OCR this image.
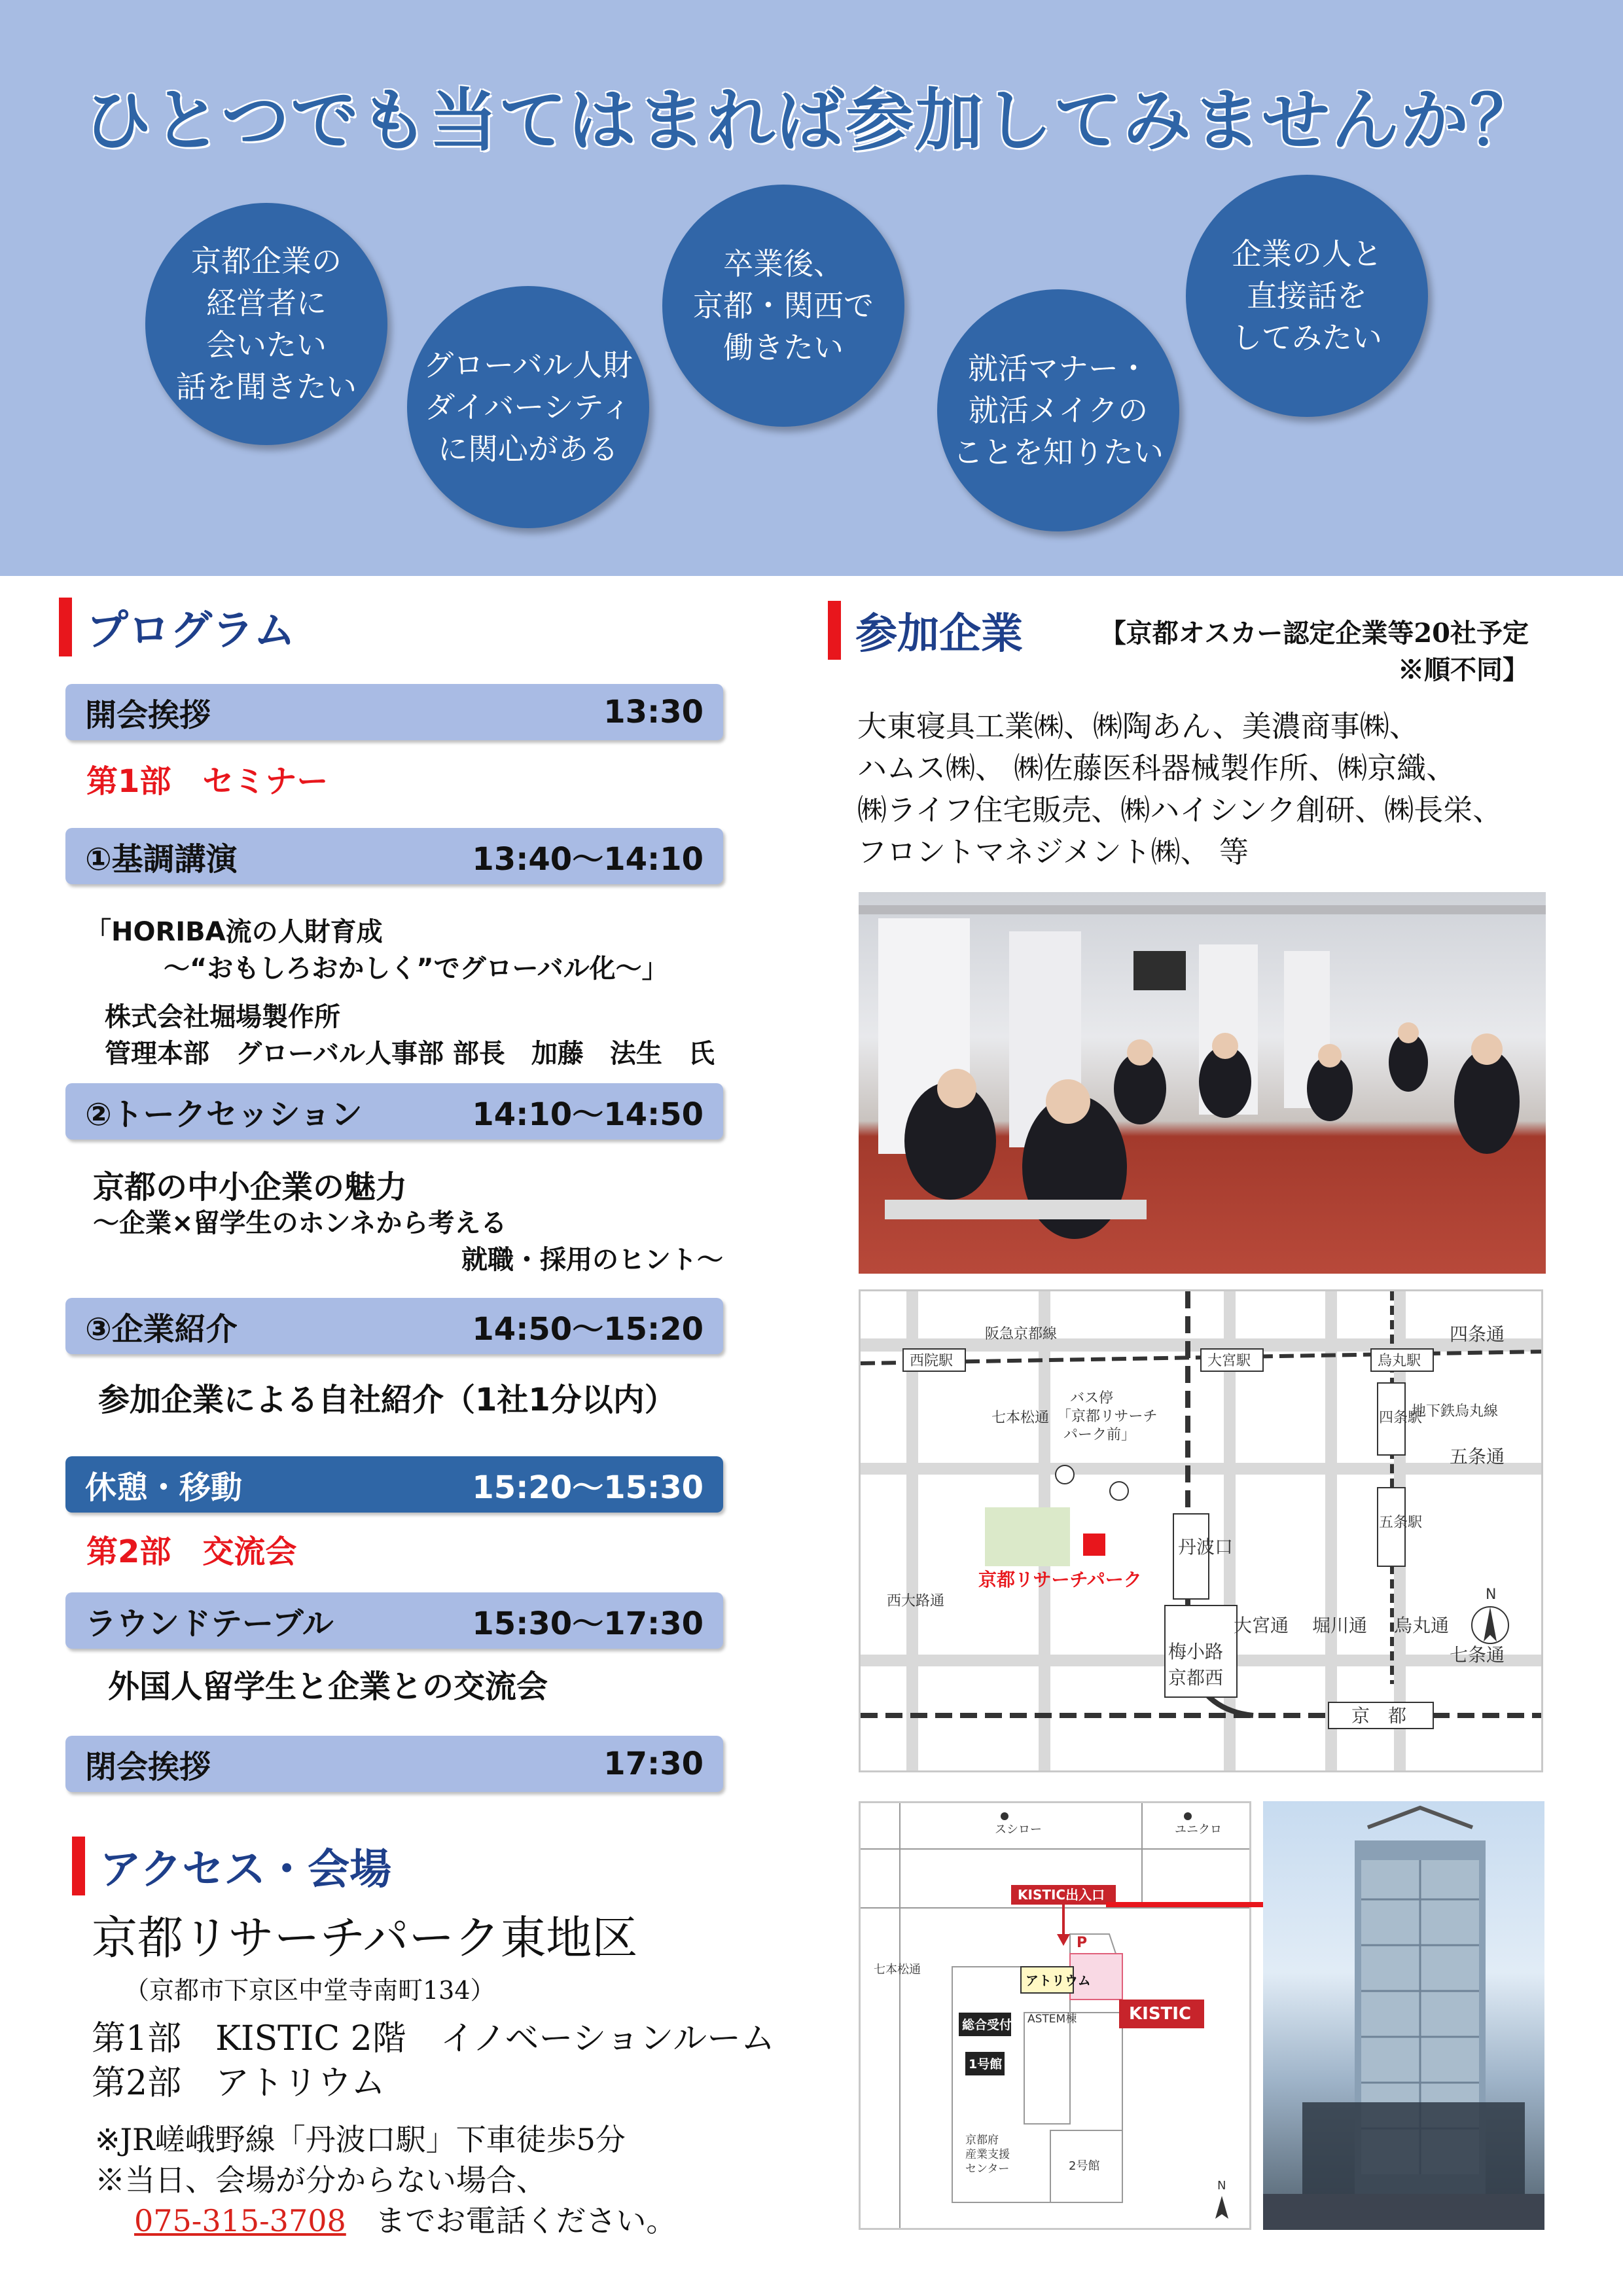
ひとつでも当てはまれば参加してみませんか？
京都企業の
経営者に
会いたい
話を聞きたい
グローバル人財
ダイバーシティ
に関心がある
卒業後、
京都・関西で
働きたい
就活マナー・
就活メイクの
ことを知りたい
企業の人と
直接話を
してみたい
プログラム
開会挨拶	13:30
第1部　セミナー
①基調講演	13:40〜14:10
「HORIBA流の人財育成
〜“おもしろおかしく”でグローバル化〜」
株式会社堀場製作所
管理本部　グローバル人事部 部長　加藤　法生　氏
②トークセッション	14:10〜14:50
京都の中小企業の魅力
〜企業×留学生のホンネから考える
就職・採用のヒント〜
③企業紹介	14:50〜15:20
参加企業による自社紹介（1社1分以内）
休憩・移動	15:20〜15:30
第2部　交流会
ラウンドテーブル	15:30〜17:30
外国人留学生と企業との交流会
閉会挨拶	17:30
アクセス・会場
京都リサーチパーク東地区
（京都市下京区中堂寺南町134）
第1部　KISTIC 2階　イノベーションルーム
第2部　アトリウム
※JR嵯峨野線「丹波口駅」下車徒歩5分
※当日、会場が分からない場合、
075-315-3708 までお電話ください。
参加企業	【京都オスカー認定企業等20社予定
※順不同】
大東寝具工業㈱、㈱陶あん、美濃商事㈱、
ハムス㈱、 ㈱佐藤医科器械製作所、㈱京織、
㈱ライフ住宅販売、㈱ハイシンク創研、㈱長栄、
フロントマネジメント㈱、 等
阪急京都線
西院駅	大宮駅	烏丸駅
四条通
五条通
七条通
バス停
「京都リサーチ
パーク前」
七本松通
西大路通
丹波口
梅小路
京都西
大宮通 堀川通 烏丸通
四条駅
地下鉄烏丸線
五条駅
京都リサーチパーク
京　都
N
スシロー	ユニクロ
KISTIC出入口
P
アトリウム
総合受付
1号館
ASTEM棟	KISTIC
京都府
産業支援
センター	2号館
七本松通
N
